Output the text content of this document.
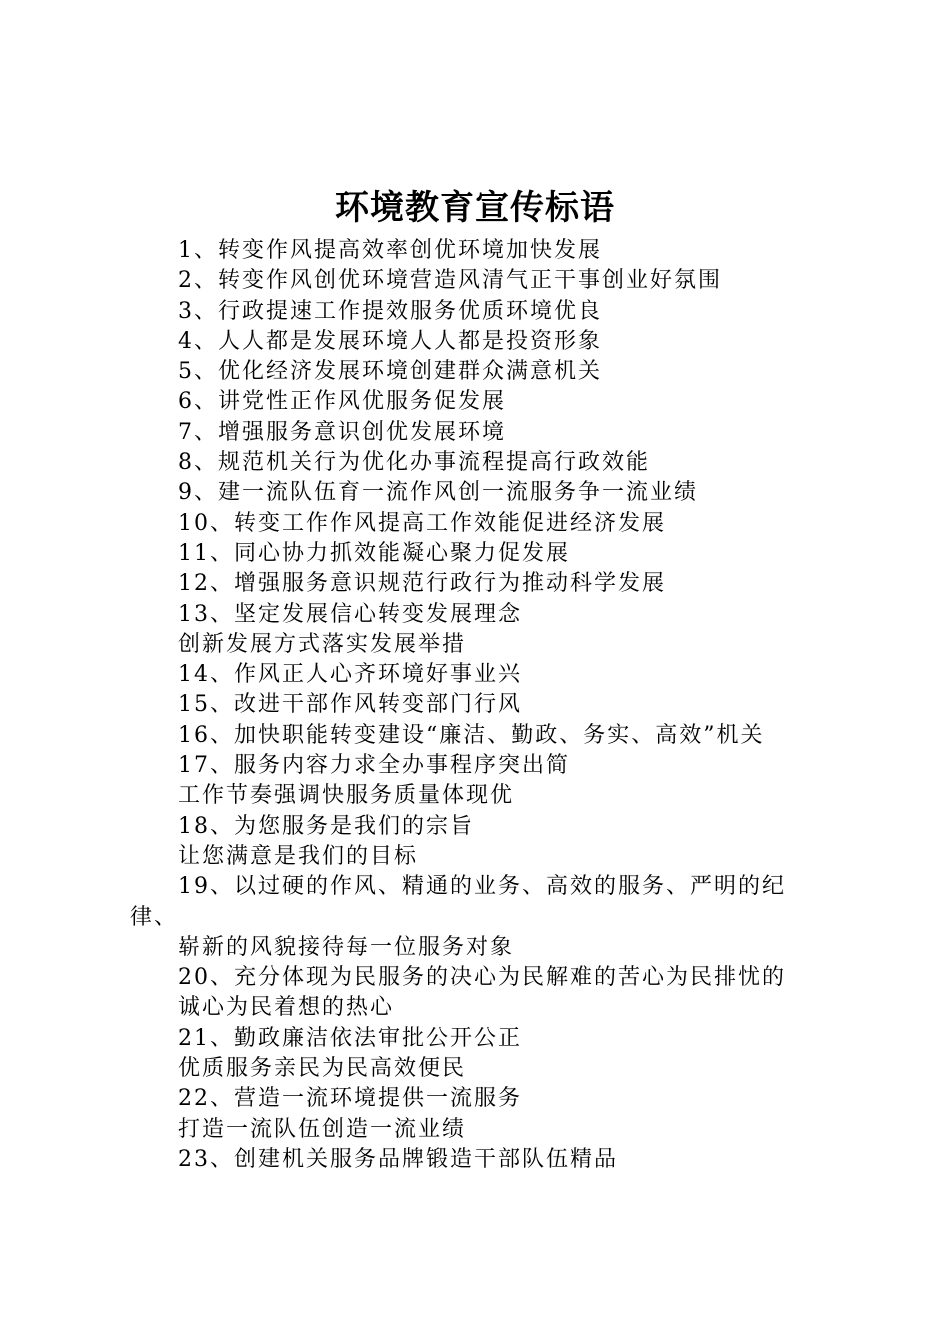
环境教育宣传标语
1、转变作风提高效率创优环境加快发展
2、转变作风创优环境营造风清气正干事创业好氛围
3、行政提速工作提效服务优质环境优良
4、人人都是发展环境人人都是投资形象
5、优化经济发展环境创建群众满意机关
6、讲党性正作风优服务促发展
7、增强服务意识创优发展环境
8、规范机关行为优化办事流程提高行政效能
9、建一流队伍育一流作风创一流服务争一流业绩
10、转变工作作风提高工作效能促进经济发展
11、同心协力抓效能凝心聚力促发展
12、增强服务意识规范行政行为推动科学发展
13、坚定发展信心转变发展理念
创新发展方式落实发展举措
14、作风正人心齐环境好事业兴
15、改进干部作风转变部门行风
16、加快职能转变建设“廉洁、勤政、务实、高效”机关
17、服务内容力求全办事程序突出简
工作节奏强调快服务质量体现优
18、为您服务是我们的宗旨
让您满意是我们的目标
19、以过硬的作风、精通的业务、高效的服务、严明的纪
律、
崭新的风貌接待每一位服务对象
20、充分体现为民服务的决心为民解难的苦心为民排忧的
诚心为民着想的热心
21、勤政廉洁依法审批公开公正
优质服务亲民为民高效便民
22、营造一流环境提供一流服务
打造一流队伍创造一流业绩
23、创建机关服务品牌锻造干部队伍精品
